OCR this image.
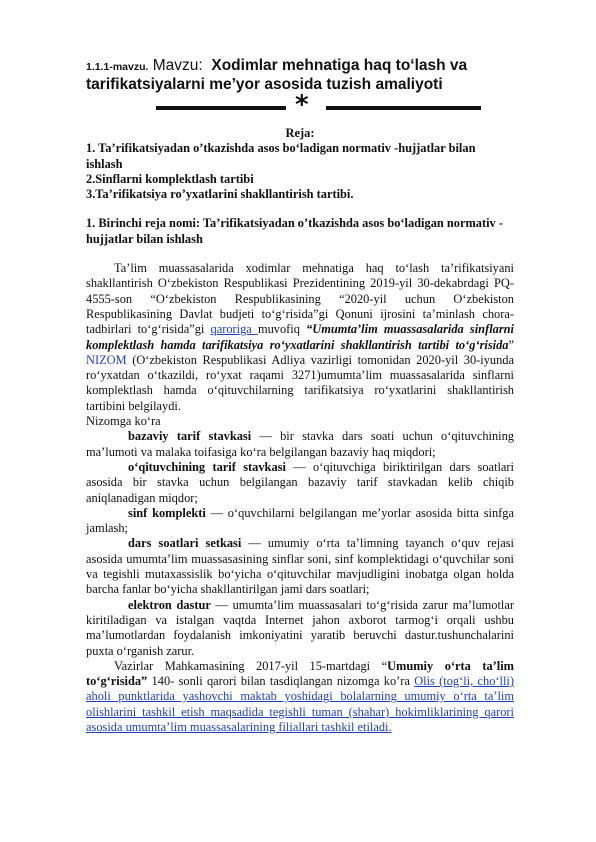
1.1.1-mavzu. Mavzu: Xodimlar mehnatiga haq to‘lash va tarifikatsiyalarni me’yor asosida tuzish amaliyoti
*
Reja:
1. Ta’rifikatsiyadan o’tkazishda asos bo‘ladigan normativ -hujjatlar bilan ishlash
2.Sinflarni komplektlash tartibi
3.Ta’rifikatsiya ro’yxatlarini shakllantirish tartibi.
1. Birinchi reja nomi: Ta’rifikatsiyadan o’tkazishda asos bo‘ladigan normativ -hujjatlar bilan ishlash
Ta’lim muassasalarida xodimlar mehnatiga haq to‘lash ta’rifikatsiyani shakllantirish O‘zbekiston Respublikasi Prezidentining 2019-yil 30-dekabrdagi PQ-4555-son “O‘zbekiston Respublikasining “2020-yil uchun O‘zbekiston Respublikasining Davlat budjeti to‘g‘risida”gi Qonuni ijrosini ta’minlash chora-tadbirlari to‘g‘risida”gi qaroriga muvofiq “Umumta’lim muassasalarida sinflarni komplektlash hamda tarifikatsiya ro‘yxatlarini shakllantirish tartibi to‘g‘risida” NIZOM (O‘zbekiston Respublikasi Adliya vazirligi tomonidan 2020-yil 30-iyunda ro‘yxatdan o‘tkazildi, ro‘yxat raqami 3271)umumta’lim muassasalarida sinflarni komplektlash hamda o‘qituvchilarning tarifikatsiya ro‘yxatlarini shakllantirish tartibini belgilaydi.
Nizomga ko‘ra
bazaviy tarif stavkasi — bir stavka dars soati uchun o‘qituvchining ma’lumoti va malaka toifasiga ko‘ra belgilangan bazaviy haq miqdori;
o‘qituvchining tarif stavkasi — o‘qituvchiga biriktirilgan dars soatlari asosida bir stavka uchun belgilangan bazaviy tarif stavkadan kelib chiqib aniqlanadigan miqdor;
sinf komplekti — o‘quvchilarni belgilangan me’yorlar asosida bitta sinfga jamlash;
dars soatlari setkasi — umumiy o‘rta ta’limning tayanch o‘quv rejasi asosida umumta’lim muassasasining sinflar soni, sinf komplektidagi o‘quvchilar soni va tegishli mutaxassislik bo‘yicha o‘qituvchilar mavjudligini inobatga olgan holda barcha fanlar bo‘yicha shakllantirilgan jami dars soatlari;
elektron dastur — umumta’lim muassasalari to‘g‘risida zarur ma’lumotlar kiritiladigan va istalgan vaqtda Internet jahon axborot tarmog‘i orqali ushbu ma’lumotlardan foydalanish imkoniyatini yaratib beruvchi dastur.tushunchalarini puxta o‘rganish zarur.
Vazirlar Mahkamasining 2017-yil 15-martdagi “Umumiy o‘rta ta’lim to‘g‘risida” 140- sonli qarori bilan tasdiqlangan nizomga ko’ra Olis (tog‘li, cho‘lli) aholi punktlarida yashovchi maktab yoshidagi bolalarning umumiy o‘rta ta’lim olishlarini tashkil etish maqsadida tegishli tuman (shahar) hokimliklarining qarori asosida umumta’lim muassasalarining filiallari tashkil etiladi.
